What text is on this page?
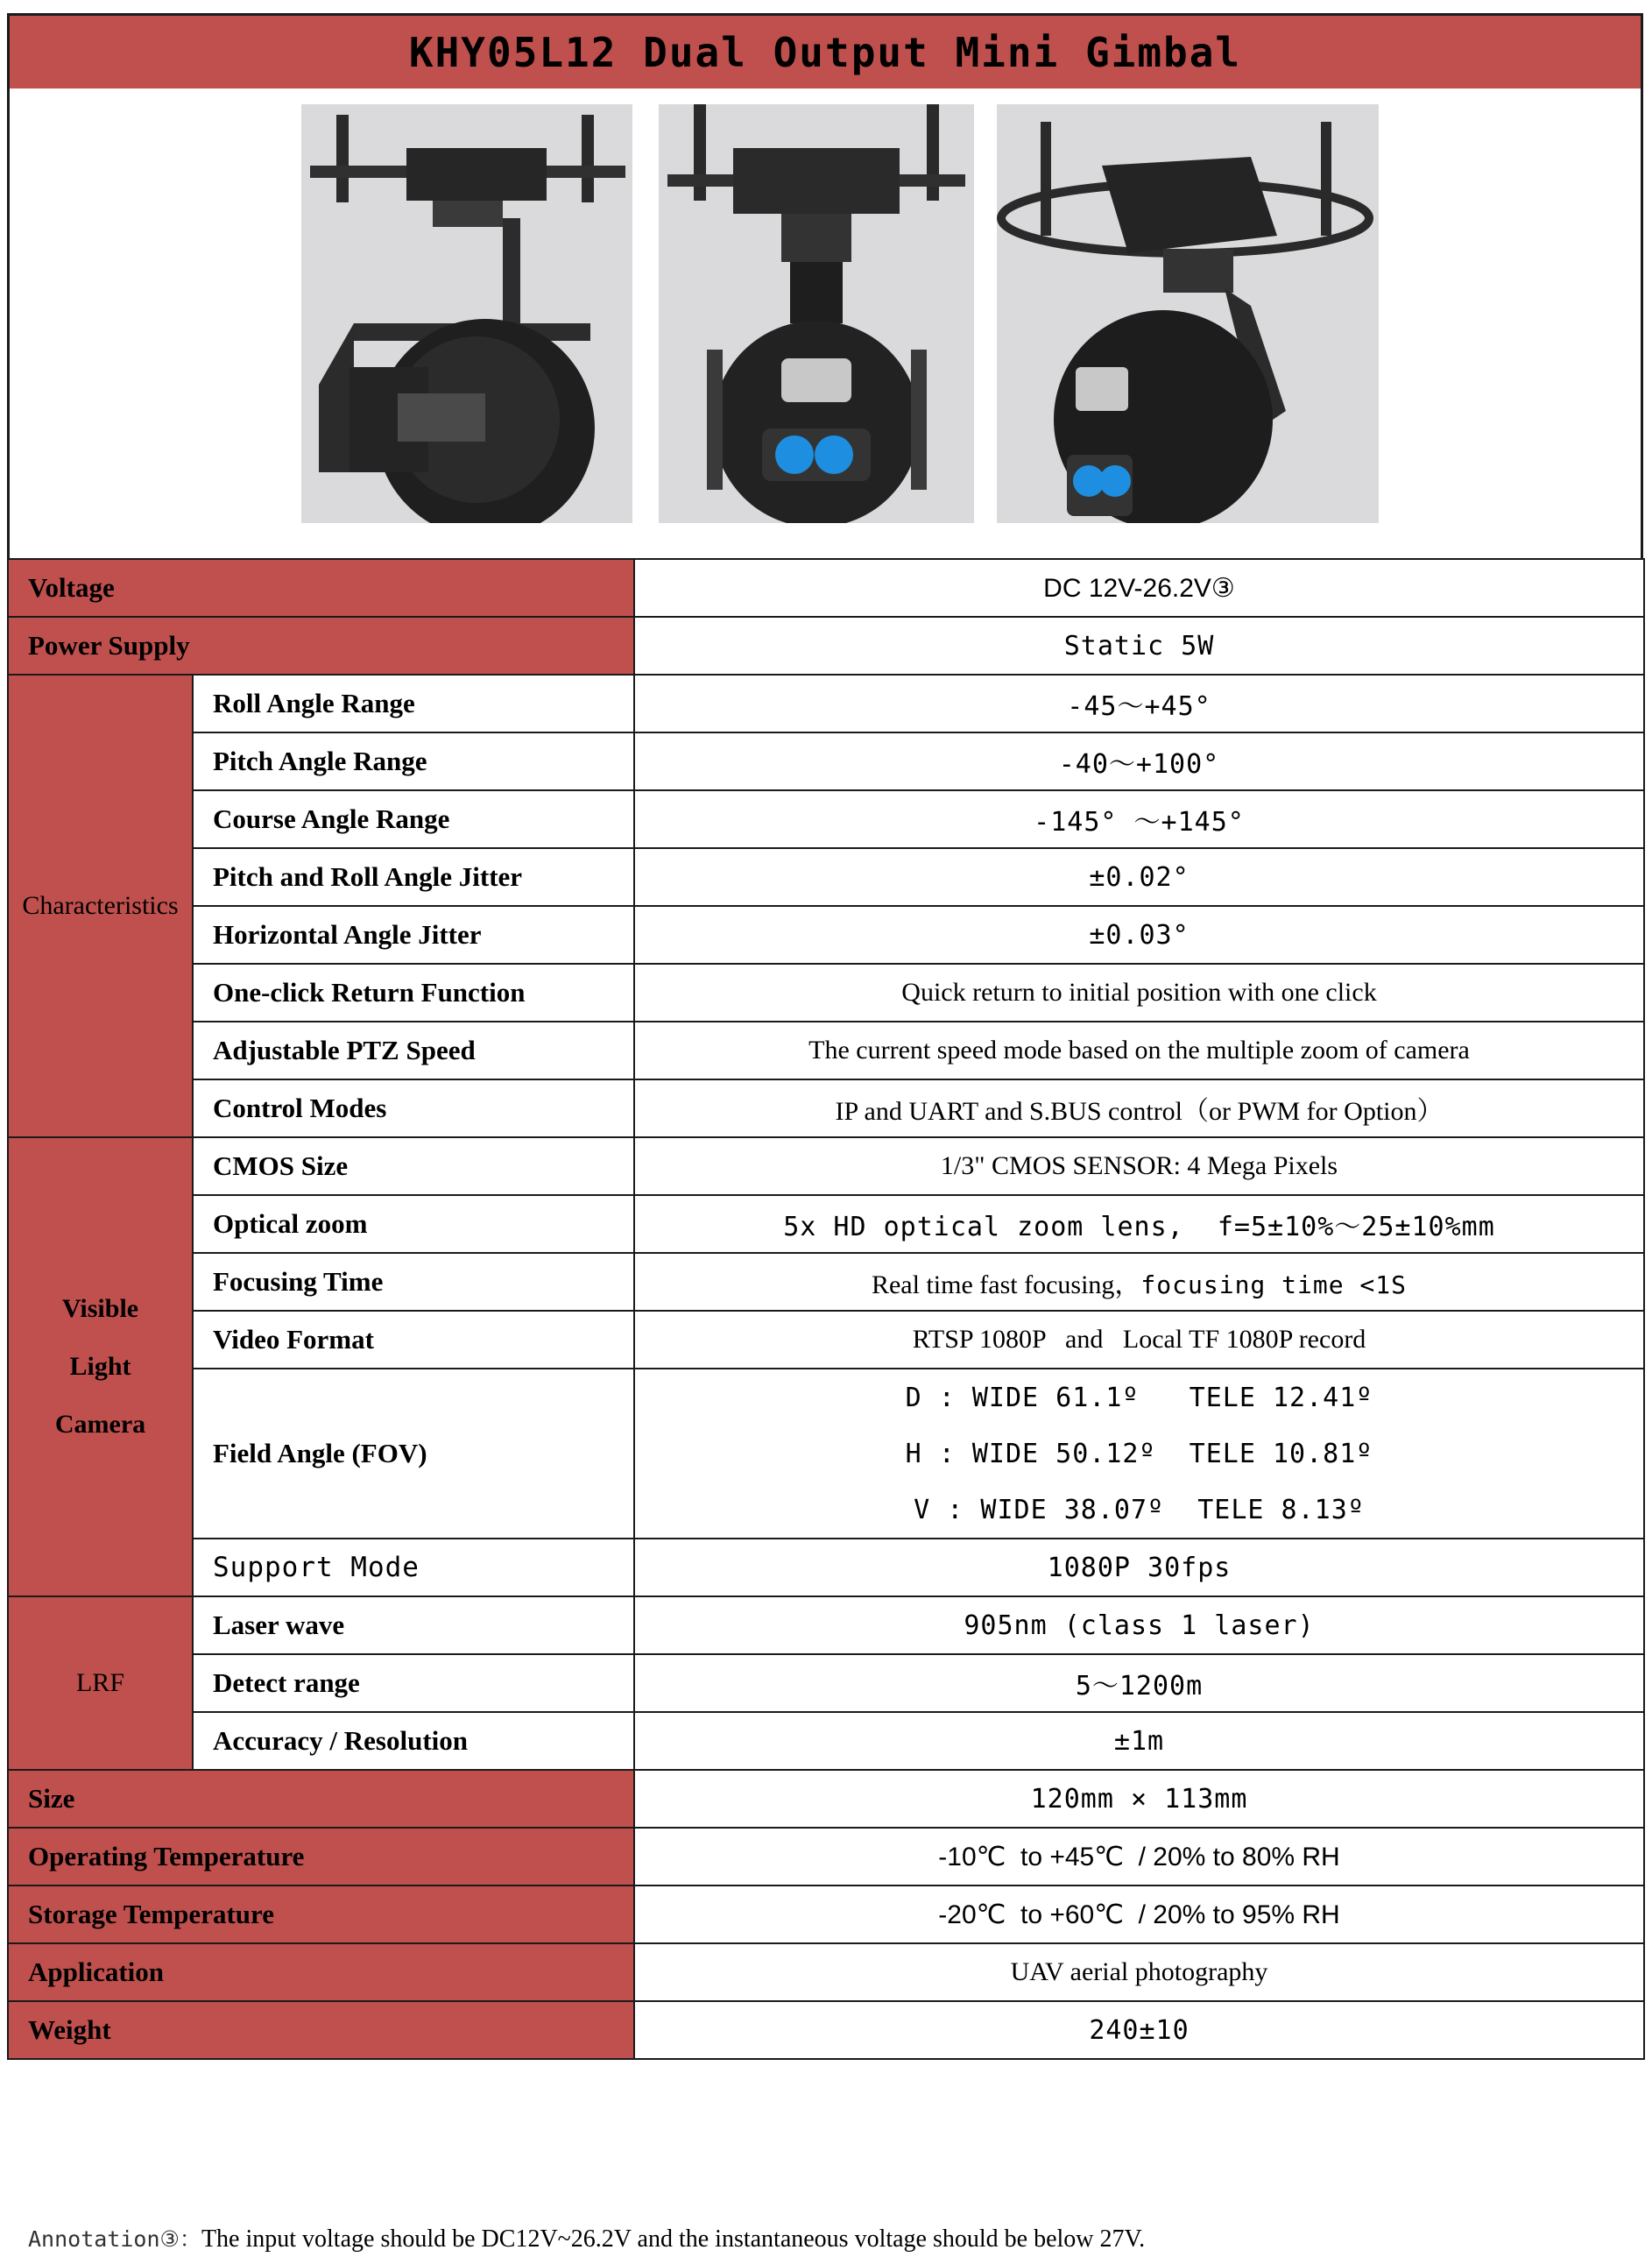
KHY05L12 Dual Output Mini Gimbal
Voltage		DC 12V-26.2V③
Power Supply		Static 5W
Characteristics	Roll Angle Range	-45～+45°
	Pitch Angle Range	-40～+100°
	Course Angle Range	-145° ～+145°
	Pitch and Roll Angle Jitter	±0.02°
	Horizontal Angle Jitter	±0.03°
	One-click Return Function	Quick return to initial position with one click
	Adjustable PTZ Speed	The current speed mode based on the multiple zoom of camera
	Control Modes	IP and UART and S.BUS control（or PWM for Option）
Visible Light Camera	CMOS Size	1/3" CMOS SENSOR: 4 Mega Pixels
	Optical zoom	5x HD optical zoom lens,  f=5±10%～25±10%mm
	Focusing Time	Real time fast focusing，focusing time <1S
	Video Format	RTSP 1080P   and   Local TF 1080P record
	Field Angle (FOV)	D : WIDE 61.1º   TELE 12.41º
		H : WIDE 50.12º  TELE 10.81º
		V : WIDE 38.07º  TELE 8.13º
	Support Mode	1080P 30fps
LRF	Laser wave	905nm (class 1 laser)
	Detect range	5～1200m
	Accuracy / Resolution	±1m
Size		120mm × 113mm
Operating Temperature		-10℃  to +45℃  / 20% to 80% RH
Storage Temperature		-20℃  to +60℃  / 20% to 95% RH
Application		UAV aerial photography
Weight		240±10
Annotation③：The input voltage should be DC12V~26.2V and the instantaneous voltage should be below 27V.
